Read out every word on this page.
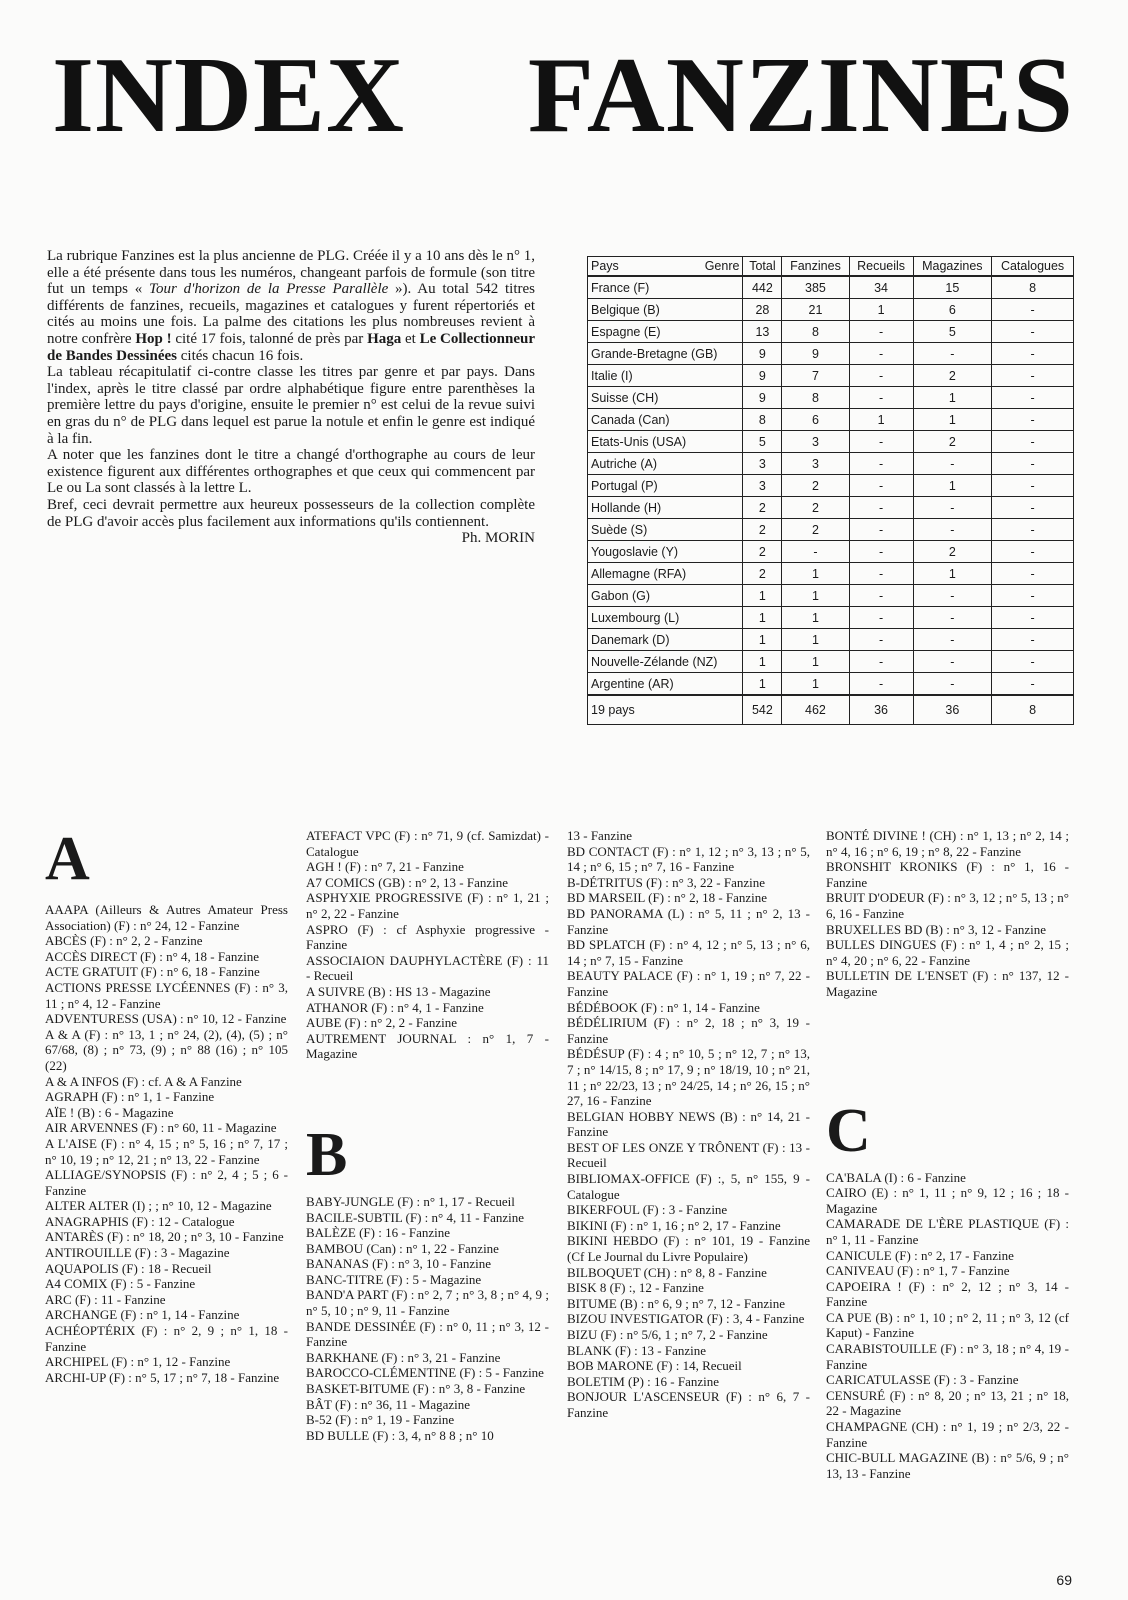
INDEX FANZINES

La rubrique Fanzines est la plus ancienne de PLG. Créée il y a 10 ans dès le n° 1, elle a été présente dans tous les numéros, changeant parfois de formule (son titre fut un temps « Tour d'horizon de la Presse Parallèle »). Au total 542 titres différents de fanzines, recueils, magazines et catalogues y furent répertoriés et cités au moins une fois. La palme des citations les plus nombreuses revient à notre confrère Hop ! cité 17 fois, talonné de près par Haga et Le Collectionneur de Bandes Dessinées cités chacun 16 fois.

La tableau récapitulatif ci-contre classe les titres par genre et par pays. Dans l'index, après le titre classé par ordre alphabétique figure entre parenthèses la première lettre du pays d'origine, ensuite le premier n° est celui de la revue suivi en gras du n° de PLG dans lequel est parue la notule et enfin le genre est indiqué à la fin.

A noter que les fanzines dont le titre a changé d'orthographe au cours de leur existence figurent aux différentes orthographes et que ceux qui commencent par Le ou La sont classés à la lettre L.

Bref, ceci devrait permettre aux heureux possesseurs de la collection complète de PLG d'avoir accès plus facilement aux informations qu'ils contiennent.

Ph. MORIN

Pays Genre	Total	Fanzines	Recueils	Magazines	Catalogues
France (F)	442	385	34	15	8
Belgique (B)	28	21	1	6	-
Espagne (E)	13	8	-	5	-
Grande-Bretagne (GB)	9	9	-	-	-
Italie (I)	9	7	-	2	-
Suisse (CH)	9	8	-	1	-
Canada (Can)	8	6	1	1	-
Etats-Unis (USA)	5	3	-	2	-
Autriche (A)	3	3	-	-	-
Portugal (P)	3	2	-	1	-
Hollande (H)	2	2	-	-	-
Suède (S)	2	2	-	-	-
Yougoslavie (Y)	2	-	-	2	-
Allemagne (RFA)	2	1	-	1	-
Gabon (G)	1	1	-	-	-
Luxembourg (L)	1	1	-	-	-
Danemark (D)	1	1	-	-	-
Nouvelle-Zélande (NZ)	1	1	-	-	-
Argentine (AR)	1	1	-	-	-
19 pays	542	462	36	36	8
A

AAAPA (Ailleurs & Autres Amateur Press Association) (F) : n° 24, 12 - Fanzine

ABCÈS (F) : n° 2, 2 - Fanzine

ACCÈS DIRECT (F) : n° 4, 18 - Fanzine

ACTE GRATUIT (F) : n° 6, 18 - Fanzine

ACTIONS PRESSE LYCÉENNES (F) : n° 3, 11 ; n° 4, 12 - Fanzine

ADVENTURESS (USA) : n° 10, 12 - Fanzine

A & A (F) : n° 13, 1 ; n° 24, (2), (4), (5) ; n° 67/68, (8) ; n° 73, (9) ; n° 88 (16) ; n° 105 (22)

A & A INFOS (F) : cf. A & A Fanzine

AGRAPH (F) : n° 1, 1 - Fanzine

AÏE ! (B) : 6 - Magazine

AIR ARVENNES (F) : n° 60, 11 - Magazine

A L'AISE (F) : n° 4, 15 ; n° 5, 16 ; n° 7, 17 ; n° 10, 19 ; n° 12, 21 ; n° 13, 22 - Fanzine

ALLIAGE/SYNOPSIS (F) : n° 2, 4 ; 5 ; 6 - Fanzine

ALTER ALTER (I) ; ; n° 10, 12 - Magazine

ANAGRAPHIS (F) : 12 - Catalogue

ANTARÈS (F) : n° 18, 20 ; n° 3, 10 - Fanzine

ANTIROUILLE (F) : 3 - Magazine

AQUAPOLIS (F) : 18 - Recueil

A4 COMIX (F) : 5 - Fanzine

ARC (F) : 11 - Fanzine

ARCHANGE (F) : n° 1, 14 - Fanzine

ACHÉOPTÉRIX (F) : n° 2, 9 ; n° 1, 18 - Fanzine

ARCHIPEL (F) : n° 1, 12 - Fanzine

ARCHI-UP (F) : n° 5, 17 ; n° 7, 18 - Fanzine

ATEFACT VPC (F) : n° 71, 9 (cf. Samizdat) - Catalogue

AGH ! (F) : n° 7, 21 - Fanzine

A7 COMICS (GB) : n° 2, 13 - Fanzine

ASPHYXIE PROGRESSIVE (F) : n° 1, 21 ; n° 2, 22 - Fanzine

ASPRO (F) : cf Asphyxie progressive - Fanzine

ASSOCIAION DAUPHYLACTÈRE (F) : 11 - Recueil

A SUIVRE (B) : HS 13 - Magazine

ATHANOR (F) : n° 4, 1 - Fanzine

AUBE (F) : n° 2, 2 - Fanzine

AUTREMENT JOURNAL : n° 1, 7 - Magazine

B

BABY-JUNGLE (F) : n° 1, 17 - Recueil

BACILE-SUBTIL (F) : n° 4, 11 - Fanzine

BALÈZE (F) : 16 - Fanzine

BAMBOU (Can) : n° 1, 22 - Fanzine

BANANAS (F) : n° 3, 10 - Fanzine

BANC-TITRE (F) : 5 - Magazine

BAND'A PART (F) : n° 2, 7 ; n° 3, 8 ; n° 4, 9 ; n° 5, 10 ; n° 9, 11 - Fanzine

BANDE DESSINÉE (F) : n° 0, 11 ; n° 3, 12 - Fanzine

BARKHANE (F) : n° 3, 21 - Fanzine

BAROCCO-CLÉMENTINE (F) : 5 - Fanzine

BASKET-BITUME (F) : n° 3, 8 - Fanzine

BÂT (F) : n° 36, 11 - Magazine

B-52 (F) : n° 1, 19 - Fanzine

BD BULLE (F) : 3, 4, n° 8 8 ; n° 10

13 - Fanzine

BD CONTACT (F) : n° 1, 12 ; n° 3, 13 ; n° 5, 14 ; n° 6, 15 ; n° 7, 16 - Fanzine

B-DÉTRITUS (F) : n° 3, 22 - Fanzine

BD MARSEIL (F) : n° 2, 18 - Fanzine

BD PANORAMA (L) : n° 5, 11 ; n° 2, 13 - Fanzine

BD SPLATCH (F) : n° 4, 12 ; n° 5, 13 ; n° 6, 14 ; n° 7, 15 - Fanzine

BEAUTY PALACE (F) : n° 1, 19 ; n° 7, 22 - Fanzine

BÉDÉBOOK (F) : n° 1, 14 - Fanzine

BÉDÉLIRIUM (F) : n° 2, 18 ; n° 3, 19 - Fanzine

BÉDÉSUP (F) : 4 ; n° 10, 5 ; n° 12, 7 ; n° 13, 7 ; n° 14/15, 8 ; n° 17, 9 ; n° 18/19, 10 ; n° 21, 11 ; n° 22/23, 13 ; n° 24/25, 14 ; n° 26, 15 ; n° 27, 16 - Fanzine

BELGIAN HOBBY NEWS (B) : n° 14, 21 - Fanzine

BEST OF LES ONZE Y TRÔNENT (F) : 13 - Recueil

BIBLIOMAX-OFFICE (F) :, 5, n° 155, 9 - Catalogue

BIKERFOUL (F) : 3 - Fanzine

BIKINI (F) : n° 1, 16 ; n° 2, 17 - Fanzine

BIKINI HEBDO (F) : n° 101, 19 - Fanzine (Cf Le Journal du Livre Populaire)

BILBOQUET (CH) : n° 8, 8 - Fanzine

BISK 8 (F) :, 12 - Fanzine

BITUME (B) : n° 6, 9 ; n° 7, 12 - Fanzine

BIZOU INVESTIGATOR (F) : 3, 4 - Fanzine

BIZU (F) : n° 5/6, 1 ; n° 7, 2 - Fanzine

BLANK (F) : 13 - Fanzine

BOB MARONE (F) : 14, Recueil

BOLETIM (P) : 16 - Fanzine

BONJOUR L'ASCENSEUR (F) : n° 6, 7 - Fanzine

BONTÉ DIVINE ! (CH) : n° 1, 13 ; n° 2, 14 ; n° 4, 16 ; n° 6, 19 ; n° 8, 22 - Fanzine

BRONSHIT KRONIKS (F) : n° 1, 16 - Fanzine

BRUIT D'ODEUR (F) : n° 3, 12 ; n° 5, 13 ; n° 6, 16 - Fanzine

BRUXELLES BD (B) : n° 3, 12 - Fanzine

BULLES DINGUES (F) : n° 1, 4 ; n° 2, 15 ; n° 4, 20 ; n° 6, 22 - Fanzine

BULLETIN DE L'ENSET (F) : n° 137, 12 - Magazine

C

CA'BALA (I) : 6 - Fanzine

CAIRO (E) : n° 1, 11 ; n° 9, 12 ; 16 ; 18 - Magazine

CAMARADE DE L'ÈRE PLASTIQUE (F) : n° 1, 11 - Fanzine

CANICULE (F) : n° 2, 17 - Fanzine

CANIVEAU (F) : n° 1, 7 - Fanzine

CAPOEIRA ! (F) : n° 2, 12 ; n° 3, 14 - Fanzine

CA PUE (B) : n° 1, 10 ; n° 2, 11 ; n° 3, 12 (cf Kaput) - Fanzine

CARABISTOUILLE (F) : n° 3, 18 ; n° 4, 19 - Fanzine

CARICATULASSE (F) : 3 - Fanzine

CENSURÉ (F) : n° 8, 20 ; n° 13, 21 ; n° 18, 22 - Magazine

CHAMPAGNE (CH) : n° 1, 19 ; n° 2/3, 22 - Fanzine

CHIC-BULL MAGAZINE (B) : n° 5/6, 9 ; n° 13, 13 - Fanzine

69
